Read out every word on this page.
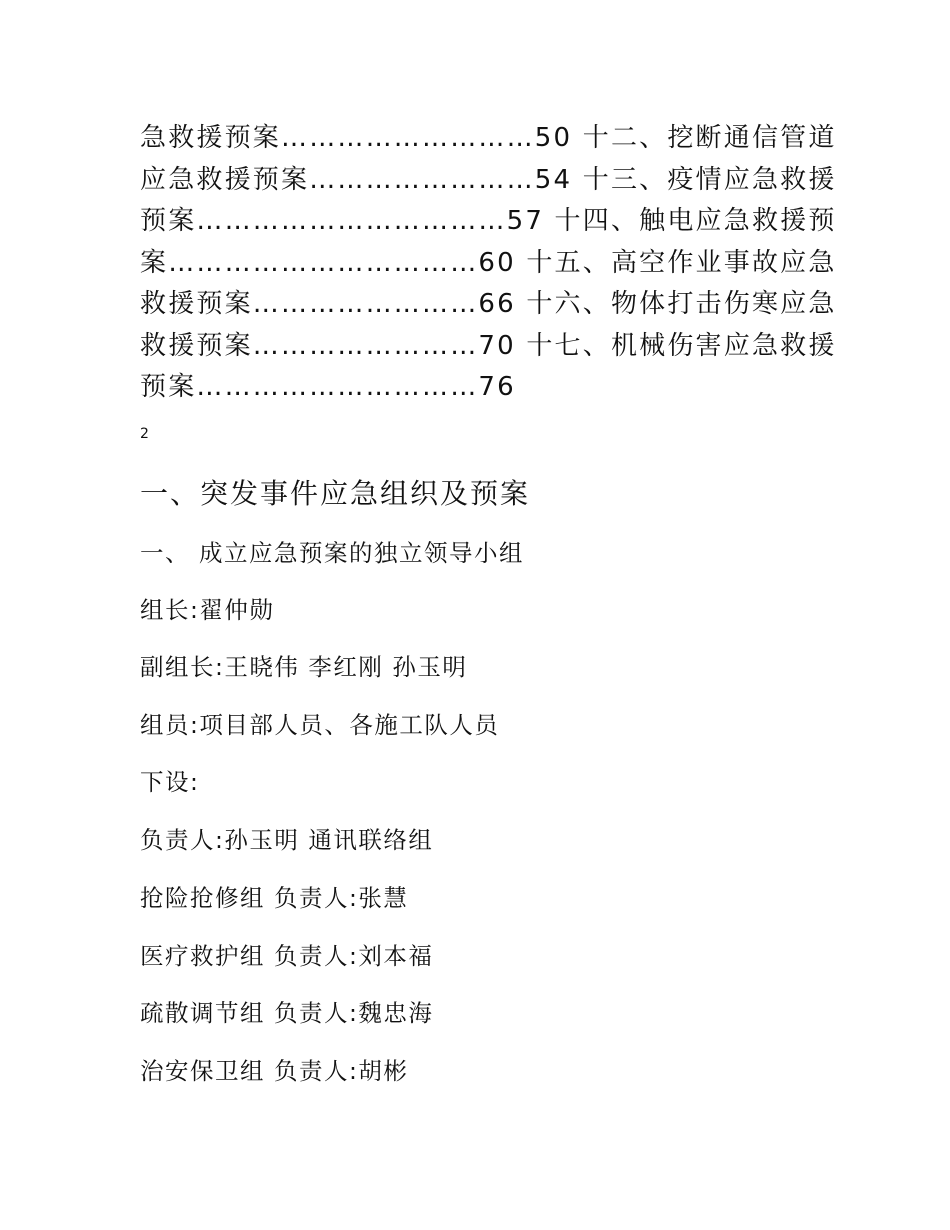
急救援预案………………………50 十二、挖断通信管道
应急救援预案……………………54 十三、疫情应急救援
预案……………………………57 十四、触电应急救援预
案……………………………60 十五、高空作业事故应急
救援预案……………………66 十六、物体打击伤寒应急
救援预案……………………70 十七、机械伤害应急救援
预案…………………………76
2
一、突发事件应急组织及预案
一、 成立应急预案的独立领导小组
组长:翟仲勋
副组长:王晓伟 李红刚 孙玉明
组员:项目部人员、各施工队人员
下设:
负责人:孙玉明 通讯联络组
抢险抢修组 负责人:张慧
医疗救护组 负责人:刘本福
疏散调节组 负责人:魏忠海
治安保卫组 负责人:胡彬
